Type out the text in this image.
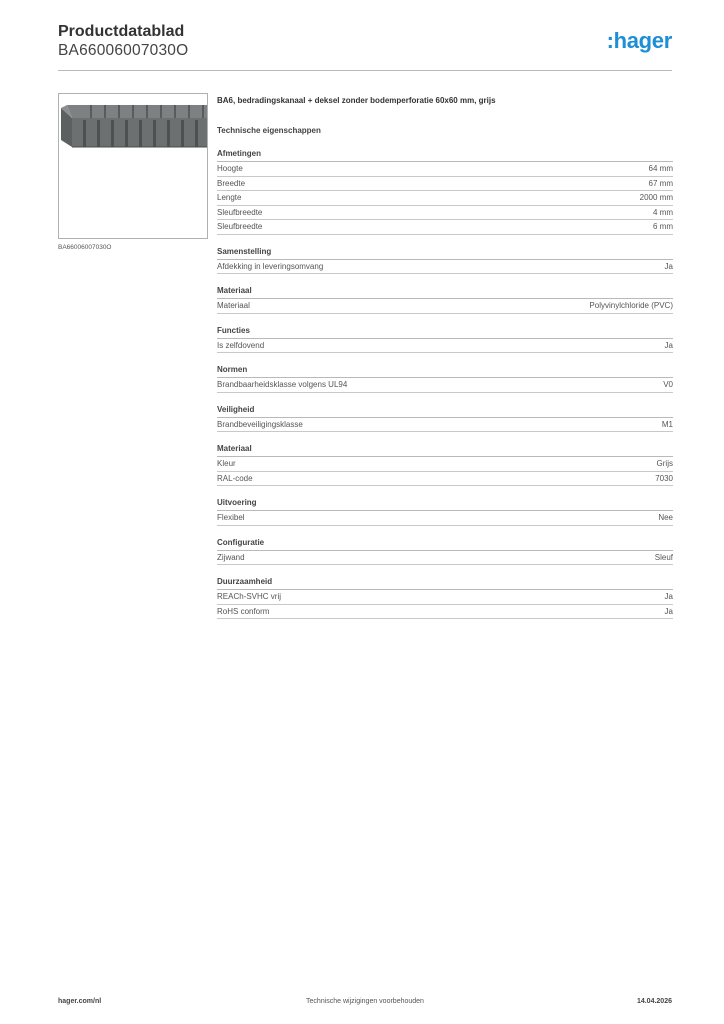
Productdatablad
BA66006007030O	:hager
BA66006007030O
BA6, bedradingskanaal + deksel zonder bodemperforatie 60x60 mm, grijs
Technische eigenschappen
Afmetingen
Hoogte	64 mm
Breedte	67 mm
Lengte	2000 mm
Sleufbreedte	4 mm
Sleufbreedte	6 mm
Samenstelling
Afdekking in leveringsomvang	Ja
Materiaal
Materiaal	Polyvinylchloride (PVC)
Functies
Is zelfdovend	Ja
Normen
Brandbaarheidsklasse volgens UL94	V0
Veiligheid
Brandbeveiligingsklasse	M1
Materiaal
Kleur	Grijs
RAL-code	7030
Uitvoering
Flexibel	Nee
Configuratie
Zijwand	Sleuf
Duurzaamheid
REACh-SVHC vrij	Ja
RoHS conform	Ja
hager.com/nl	Technische wijzigingen voorbehouden	14.04.2026
